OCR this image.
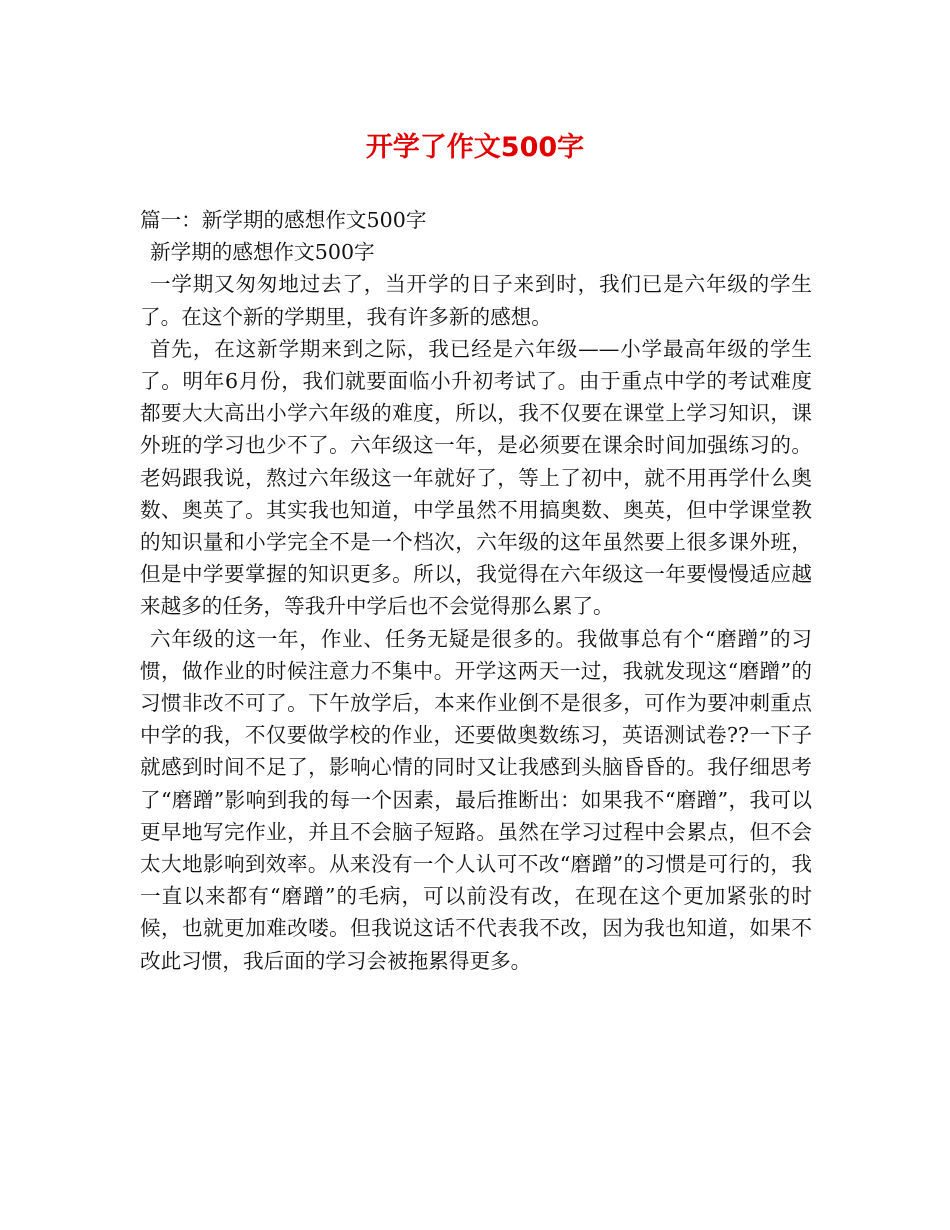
开学了作文500字

篇一：新学期的感想作文500字

新学期的感想作文500字

一学期又匆匆地过去了，当开学的日子来到时，我们已是六年级的学生了。在这个新的学期里，我有许多新的感想。

首先，在这新学期来到之际，我已经是六年级——小学最高年级的学生了。明年6月份，我们就要面临小升初考试了。由于重点中学的考试难度都要大大高出小学六年级的难度，所以，我不仅要在课堂上学习知识，课外班的学习也少不了。六年级这一年，是必须要在课余时间加强练习的。老妈跟我说，熬过六年级这一年就好了，等上了初中，就不用再学什么奥数、奥英了。其实我也知道，中学虽然不用搞奥数、奥英，但中学课堂教的知识量和小学完全不是一个档次，六年级的这年虽然要上很多课外班，但是中学要掌握的知识更多。所以，我觉得在六年级这一年要慢慢适应越来越多的任务，等我升中学后也不会觉得那么累了。

六年级的这一年，作业、任务无疑是很多的。我做事总有个“磨蹭”的习惯，做作业的时候注意力不集中。开学这两天一过，我就发现这“磨蹭”的习惯非改不可了。下午放学后，本来作业倒不是很多，可作为要冲刺重点中学的我，不仅要做学校的作业，还要做奥数练习，英语测试卷??一下子就感到时间不足了，影响心情的同时又让我感到头脑昏昏的。我仔细思考了“磨蹭”影响到我的每一个因素，最后推断出：如果我不“磨蹭”，我可以更早地写完作业，并且不会脑子短路。虽然在学习过程中会累点，但不会太大地影响到效率。从来没有一个人认可不改“磨蹭”的习惯是可行的，我一直以来都有“磨蹭”的毛病，可以前没有改，在现在这个更加紧张的时候，也就更加难改喽。但我说这话不代表我不改，因为我也知道，如果不改此习惯，我后面的学习会被拖累得更多。
